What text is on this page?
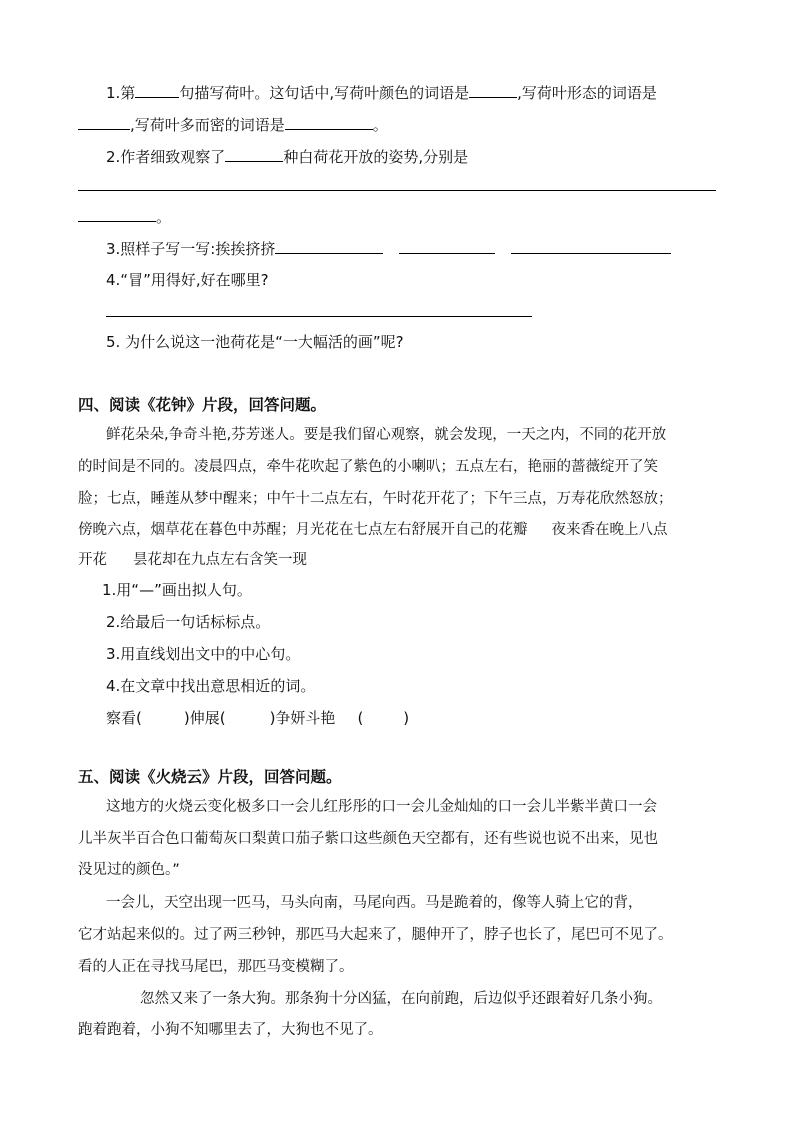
1.第	句描写荷叶。这句话中,写荷叶颜色的词语是	,写荷叶形态的词语是
,写荷叶多而密的词语是	。
2.作者细致观察了	种白荷花开放的姿势,分别是
。
3.照样子写一写:挨挨挤挤
4.“冒”用得好,好在哪里?
5. 为什么说这一池荷花是“一大幅活的画”呢?
四、阅读《花钟》片段，回答问题。
鲜花朵朵,争奇斗艳,芬芳迷人。要是我们留心观察，就会发现，一天之内，不同的花开放
的时间是不同的。凌晨四点，牵牛花吹起了紫色的小喇叭；五点左右，艳丽的蔷薇绽开了笑
脸；七点，睡莲从梦中醒来；中午十二点左右，午时花开花了；下午三点，万寿花欣然怒放；
傍晚六点，烟草花在暮色中苏醒；月光花在七点左右舒展开自己的花瓣 夜来香在晚上八点
开花 昙花却在九点左右含笑一现
1.用“—”画出拟人句。
2.给最后一句话标标点。
3.用直线划出文中的中心句。
4.在文章中找出意思相近的词。
察看(	)伸展(	)争妍斗艳 (	)
五、阅读《火烧云》片段，回答问题。
这地方的火烧云变化极多口一会儿红彤彤的口一会儿金灿灿的口一会儿半紫半黄口一会
儿半灰半百合色口葡萄灰口梨黄口茄子紫口这些颜色天空都有，还有些说也说不出来，见也
没见过的颜色。”
一会儿，天空出现一匹马，马头向南，马尾向西。马是跪着的，像等人骑上它的背，
它才站起来似的。过了两三秒钟，那匹马大起来了，腿伸开了，脖子也长了，尾巴可不见了。
看的人正在寻找马尾巴，那匹马变模糊了。
忽然又来了一条大狗。那条狗十分凶猛，在向前跑，后边似乎还跟着好几条小狗。
跑着跑着，小狗不知哪里去了，大狗也不见了。
